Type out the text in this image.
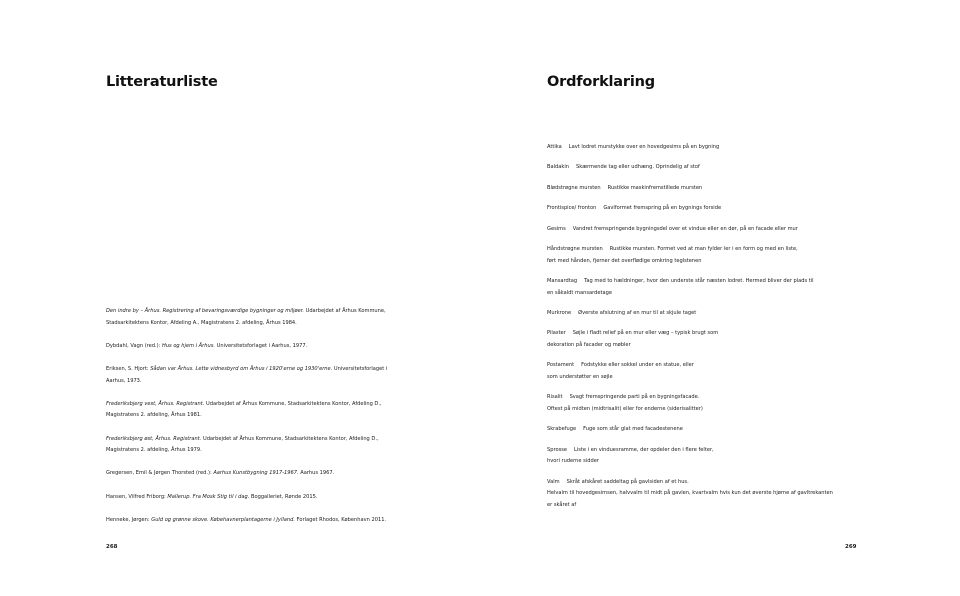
Litteraturliste
Den indre by – Århus. Registrering af bevaringsværdige bygninger og miljøer. Udarbejdet af Århus Kommune, Stadsarkitektens Kontor, Afdeling A., Magistratens 2. afdeling, Århus 1984.
Dybdahl, Vagn (red.): Hus og hjem i Århus. Universitetsforlaget i Aarhus, 1977.
Eriksen, S. Hjort: Sådan var Århus. Lette vidnesbyrd om Århus i 1920'erne og 1930'erne. Universitetsforlaget i Aarhus, 1973.
Frederiksbjerg vest, Århus. Registrant. Udarbejdet af Århus Kommune, Stadsarkitektens Kontor, Afdeling D., Magistratens 2. afdeling, Århus 1981.
Frederiksbjerg øst, Århus. Registrant. Udarbejdet af Århus Kommune, Stadsarkitektens Kontor, Afdeling D., Magistratens 2. afdeling, Århus 1979.
Gregersen, Emil & Jørgen Thorsted (red.): Aarhus Kunstbygning 1917-1967. Aarhus 1967.
Hansen, Vilfred Friborg: Mallerup. Fra Mosk Stig til i dag. Boggalleriet, Rønde 2015.
Henneke, Jørgen: Guld og grønne skove. Købehavnerplantagerne i Jylland. Forlaget Rhodos, København 2011.
268
Ordforklaring
Attika Lavt lodret murstykke over en hovedgesims på en bygning
Baldakin Skærmende tag eller udhæng. Oprindelig af stof
Blødstrøgne mursten Rustikke maskinfremstillede mursten
Frontispice/ fronton Gavlformet fremspring på en bygnings forside
Gesims Vandret fremspringende bygningsdel over et vindue eller en dør, på en facade eller mur
Håndstrøgne mursten Rustikke mursten. Formet ved at man fylder ler i en form og med en liste,
ført med hånden, fjerner det overflødige omkring teglstenen
Mansardtag Tag med to hældninger, hvor den underste står næsten lodret. Hermed bliver der plads til
en såkaldt mansardetage
Murkrone Øverste afslutning af en mur til at skjule taget
Pilaster Søjle i fladt relief på en mur eller væg – typisk brugt som
dekoration på facader og møbler
Postament Fodstykke eller sokkel under en statue, eller
som understøtter en søjle
Risalit Svagt fremspringende parti på en bygningsfacade.
Oftest på midten (midtrisalit) eller for enderne (siderisalitter)
Skrabefuge Fuge som står glat med facadestenene
Sprosse Liste i en vinduesramme, der opdeler den i flere felter,
hvori ruderne sidder
Valm Skråt afskåret saddeltag på gavlsiden af et hus.
Helvalm til hovedgesimsen, halvvalm til midt på gavlen, kvartvalm hvis kun det øverste hjørne af gavltrekanten
er skåret af
269
